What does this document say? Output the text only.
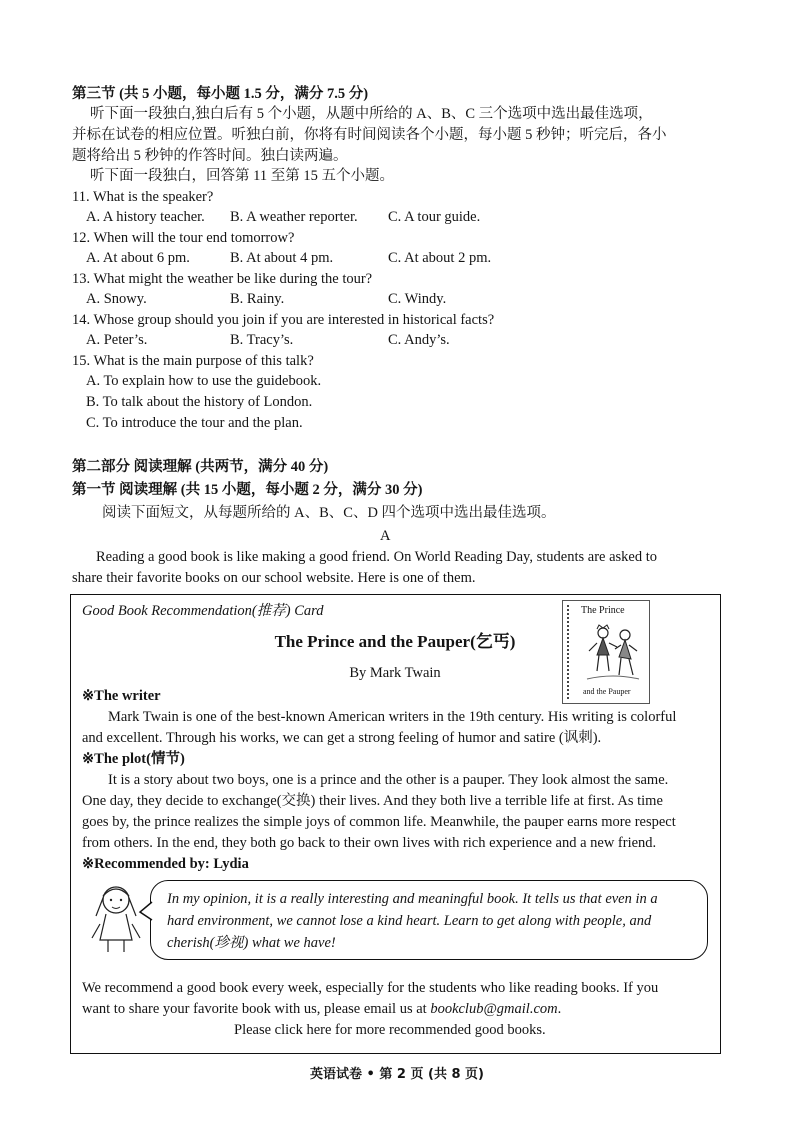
第三节 (共 5 小题，每小题 1.5 分，满分 7.5 分)
听下面一段独白,独白后有 5 个小题，从题中所给的 A、B、C 三个选项中选出最佳选项，
并标在试卷的相应位置。听独白前，你将有时间阅读各个小题，每小题 5 秒钟；听完后，各小
题将给出 5 秒钟的作答时间。独白读两遍。
听下面一段独白，回答第 11 至第 15 五个小题。
11. What is the speaker?
A. A history teacher. B. A weather reporter. C. A tour guide.
12. When will the tour end tomorrow?
A. At about 6 pm.	B. At about 4 pm.	C. At about 2 pm.
13. What might the weather be like during the tour?
A. Snowy.	B. Rainy.	C. Windy.
14. Whose group should you join if you are interested in historical facts?
A. Peter’s.	B. Tracy’s.	C. Andy’s.
15. What is the main purpose of this talk?
A. To explain how to use the guidebook.
B. To talk about the history of London.
C. To introduce the tour and the plan.
第二部分 阅读理解 (共两节，满分 40 分)
第一节 阅读理解 (共 15 小题，每小题 2 分，满分 30 分)
阅读下面短文，从每题所给的 A、B、C、D 四个选项中选出最佳选项。
A
Reading a good book is like making a good friend. On World Reading Day, students are asked to
share their favorite books on our school website. Here is one of them.
Good Book Recommendation(推荐) Card
The Prince and the Pauper(乞丐)
By Mark Twain
The Prince
and the Pauper
※The writer
Mark Twain is one of the best-known American writers in the 19th century. His writing is colorful
and excellent. Through his works, we can get a strong feeling of humor and satire (讽刺).
※The plot(情节)
It is a story about two boys, one is a prince and the other is a pauper. They look almost the same.
One day, they decide to exchange(交换) their lives. And they both live a terrible life at first. As time
goes by, the prince realizes the simple joys of common life. Meanwhile, the pauper earns more respect
from others. In the end, they both go back to their own lives with rich experience and a new friend.
※Recommended by: Lydia
In my opinion, it is a really interesting and meaningful book. It tells us that even in a
hard environment, we cannot lose a kind heart. Learn to get along with people, and
cherish(珍视) what we have!
We recommend a good book every week, especially for the students who like reading books. If you
want to share your favorite book with us, please email us at bookclub@gmail.com.
Please click here for more recommended good books.
英语试卷 • 第 2 页 (共 8 页)
